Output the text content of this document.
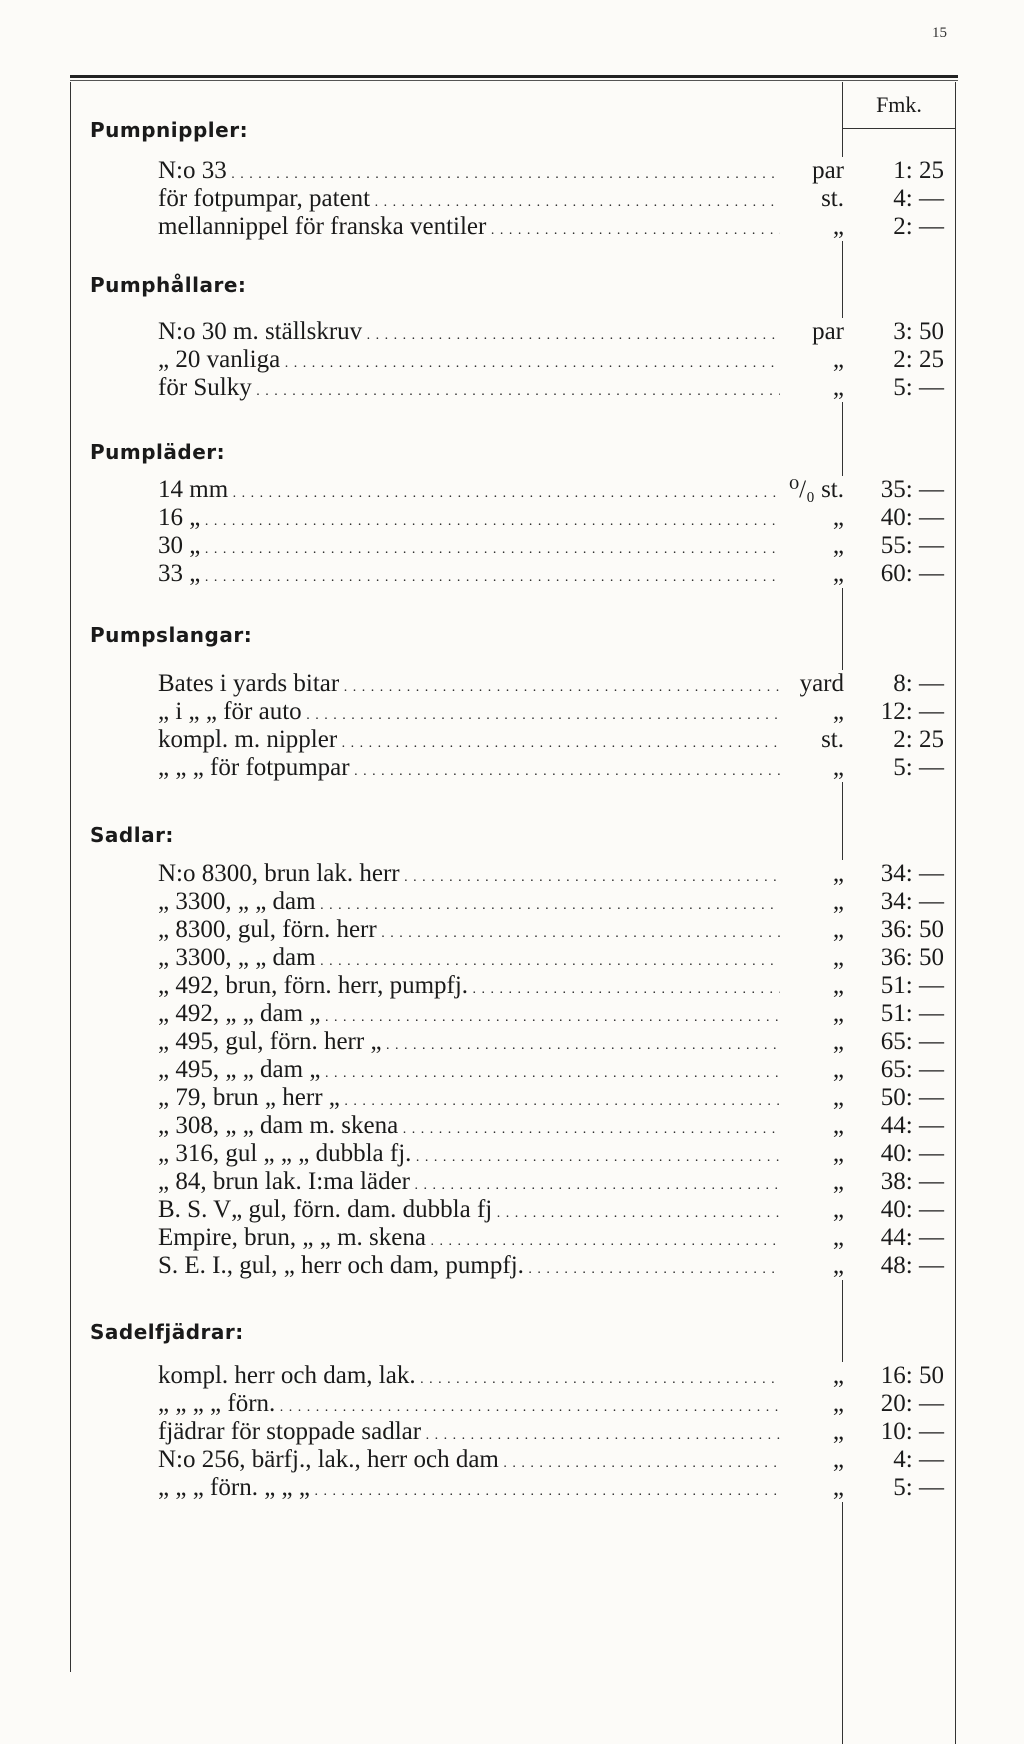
15
Fmk.
Pumpnippler:
N:o 33 . . .	par	1: 25
för fotpumpar, patent . . .	st.	4: —
mellannippel för franska ventiler . . .	„	2: —
Pumphållare:
N:o 30 m. ställskruv . . .	par	3: 50
„ 20 vanliga . . .	„	2: 25
för Sulky . . .	„	5: —
Pumpläder:
14 mm . . .	⁰/₀ st.	35: —
16 „ . . .	„	40: —
30 „ . . .	„	55: —
33 „ . . .	„	60: —
Pumpslangar:
Bates i yards bitar . . .	yard	8: —
„ i „ „ för auto . . .	„	12: —
kompl. m. nippler . . .	st.	2: 25
„ „ „ för fotpumpar . . .	„	5: —
Sadlar:
N:o 8300, brun lak. herr . . .	„	34: —
„ 3300, „ „ dam . . .	„	34: —
„ 8300, gul, förn. herr . . .	„	36: 50
„ 3300, „ „ dam . . .	„	36: 50
„ 492, brun, förn. herr, pumpfj. . . .	„	51: —
„ 492, „ „ dam „ . . .	„	51: —
„ 495, gul, förn. herr „ . . .	„	65: —
„ 495, „ „ dam „ . . .	„	65: —
„ 79, brun „ herr „ . . .	„	50: —
„ 308, „ „ dam m. skena . . .	„	44: —
„ 316, gul „ „ „ dubbla fj. . . .	„	40: —
„ 84, brun lak. I:ma läder . . .	„	38: —
B. S. V„ gul, förn. dam. dubbla fj . . .	„	40: —
Empire, brun, „ „ m. skena . . .	„	44: —
S. E. I., gul, „ herr och dam, pumpfj. . . .	„	48: —
Sadelfjädrar:
kompl. herr och dam, lak. . . .	„	16: 50
„ „ „ „ förn. . . .	„	20: —
fjädrar för stoppade sadlar . . .	„	10: —
N:o 256, bärfj., lak., herr och dam . . .	„	4: —
„ „ „ förn. „ „ „ . . .	„	5: —
